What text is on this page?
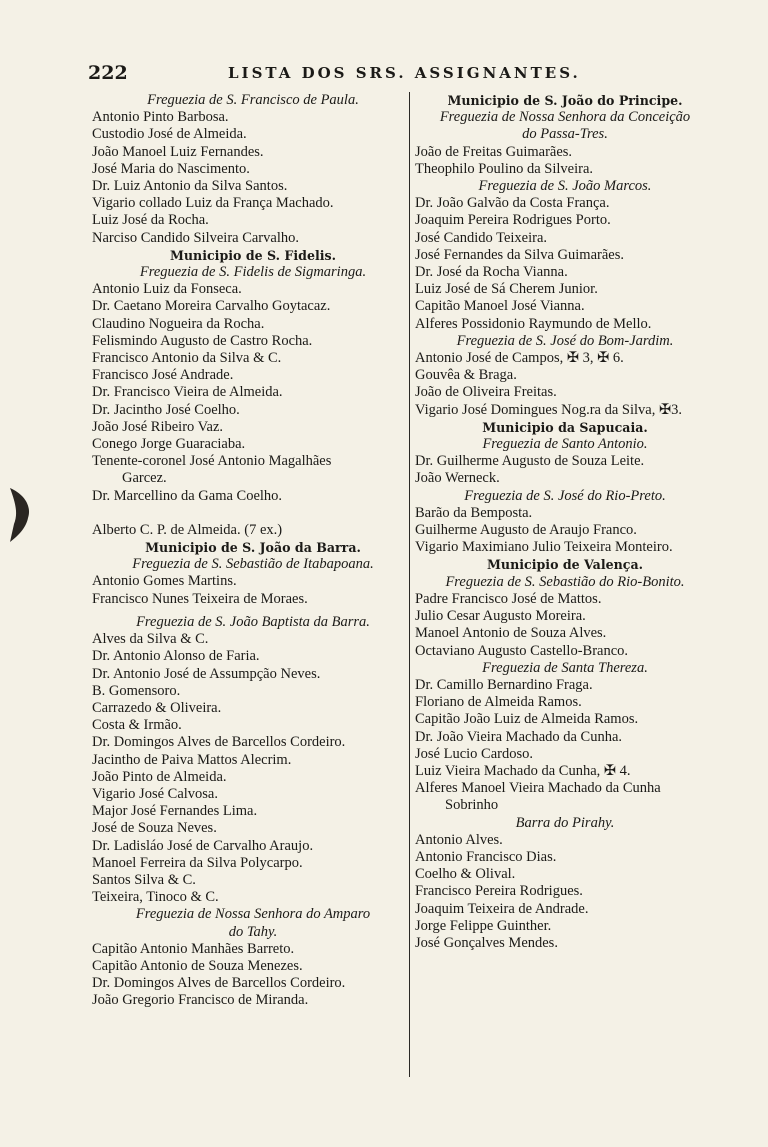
222	LISTA DOS SRS. ASSIGNANTES.
Freguezia de S. Francisco de Paula.
Antonio Pinto Barbosa.
Custodio José de Almeida.
João Manoel Luiz Fernandes.
José Maria do Nascimento.
Dr. Luiz Antonio da Silva Santos.
Vigario collado Luiz da França Machado.
Luiz José da Rocha.
Narciso Candido Silveira Carvalho.
Municipio de S. Fidelis.
Freguezia de S. Fidelis de Sigmaringa.
Antonio Luiz da Fonseca.
Dr. Caetano Moreira Carvalho Goytacaz.
Claudino Nogueira da Rocha.
Felismindo Augusto de Castro Rocha.
Francisco Antonio da Silva & C.
Francisco José Andrade.
Dr. Francisco Vieira de Almeida.
Dr. Jacintho José Coelho.
João José Ribeiro Vaz.
Conego Jorge Guaraciaba.
Tenente-coronel José Antonio Magalhães
Garcez.
Dr. Marcellino da Gama Coelho.
Alberto C. P. de Almeida. (7 ex.)
Municipio de S. João da Barra.
Freguezia de S. Sebastião de Itabapoana.
Antonio Gomes Martins.
Francisco Nunes Teixeira de Moraes.
Freguezia de S. João Baptista da Barra.
Alves da Silva & C.
Dr. Antonio Alonso de Faria.
Dr. Antonio José de Assumpção Neves.
B. Gomensoro.
Carrazedo & Oliveira.
Costa & Irmão.
Dr. Domingos Alves de Barcellos Cordeiro.
Jacintho de Paiva Mattos Alecrim.
João Pinto de Almeida.
Vigario José Calvosa.
Major José Fernandes Lima.
José de Souza Neves.
Dr. Ladisláo José de Carvalho Araujo.
Manoel Ferreira da Silva Polycarpo.
Santos Silva & C.
Teixeira, Tinoco & C.
Freguezia de Nossa Senhora do Amparo
do Tahy.
Capitão Antonio Manhães Barreto.
Capitão Antonio de Souza Menezes.
Dr. Domingos Alves de Barcellos Cordeiro.
João Gregorio Francisco de Miranda.
Municipio de S. João do Principe.
Freguezia de Nossa Senhora da Conceição
do Passa-Tres.
João de Freitas Guimarães.
Theophilo Poulino da Silveira.
Freguezia de S. João Marcos.
Dr. João Galvão da Costa França.
Joaquim Pereira Rodrigues Porto.
José Candido Teixeira.
José Fernandes da Silva Guimarães.
Dr. José da Rocha Vianna.
Luiz José de Sá Cherem Junior.
Capitão Manoel José Vianna.
Alferes Possidonio Raymundo de Mello.
Freguezia de S. José do Bom-Jardim.
Antonio José de Campos, ✠ 3, ✠ 6.
Gouvêa & Braga.
João de Oliveira Freitas.
Vigario José Domingues Nog.ra da Silva, ✠3.
Municipio da Sapucaia.
Freguezia de Santo Antonio.
Dr. Guilherme Augusto de Souza Leite.
João Werneck.
Freguezia de S. José do Rio-Preto.
Barão da Bemposta.
Guilherme Augusto de Araujo Franco.
Vigario Maximiano Julio Teixeira Monteiro.
Municipio de Valença.
Freguezia de S. Sebastião do Rio-Bonito.
Padre Francisco José de Mattos.
Julio Cesar Augusto Moreira.
Manoel Antonio de Souza Alves.
Octaviano Augusto Castello-Branco.
Freguezia de Santa Thereza.
Dr. Camillo Bernardino Fraga.
Floriano de Almeida Ramos.
Capitão João Luiz de Almeida Ramos.
Dr. João Vieira Machado da Cunha.
José Lucio Cardoso.
Luiz Vieira Machado da Cunha, ✠ 4.
Alferes Manoel Vieira Machado da Cunha
Sobrinho
Barra do Pirahy.
Antonio Alves.
Antonio Francisco Dias.
Coelho & Olival.
Francisco Pereira Rodrigues.
Joaquim Teixeira de Andrade.
Jorge Felippe Guinther.
José Gonçalves Mendes.
